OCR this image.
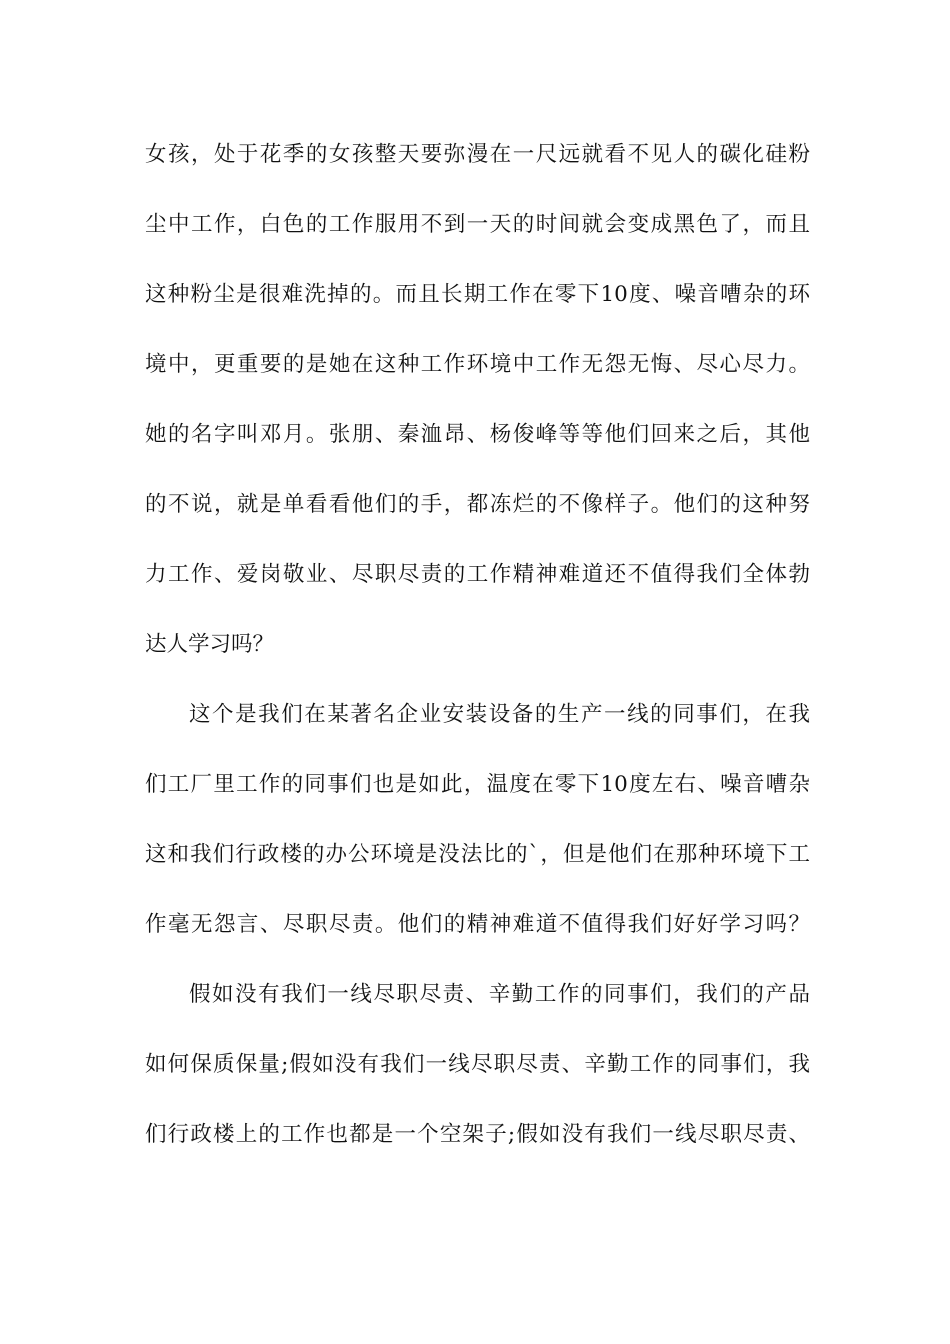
女孩，处于花季的女孩整天要弥漫在一尺远就看不见人的碳化硅粉
尘中工作，白色的工作服用不到一天的时间就会变成黑色了，而且
这种粉尘是很难洗掉的。而且长期工作在零下10度、噪音嘈杂的环
境中，更重要的是她在这种工作环境中工作无怨无悔、尽心尽力。
她的名字叫邓月。张朋、秦洫昂、杨俊峰等等他们回来之后，其他
的不说，就是单看看他们的手，都冻烂的不像样子。他们的这种努
力工作、爱岗敬业、尽职尽责的工作精神难道还不值得我们全体勃
达人学习吗？
这个是我们在某著名企业安装设备的生产一线的同事们，在我
们工厂里工作的同事们也是如此，温度在零下10度左右、噪音嘈杂
这和我们行政楼的办公环境是没法比的`，但是他们在那种环境下工
作毫无怨言、尽职尽责。他们的精神难道不值得我们好好学习吗？
假如没有我们一线尽职尽责、辛勤工作的同事们，我们的产品
如何保质保量;假如没有我们一线尽职尽责、辛勤工作的同事们，我
们行政楼上的工作也都是一个空架子;假如没有我们一线尽职尽责、
